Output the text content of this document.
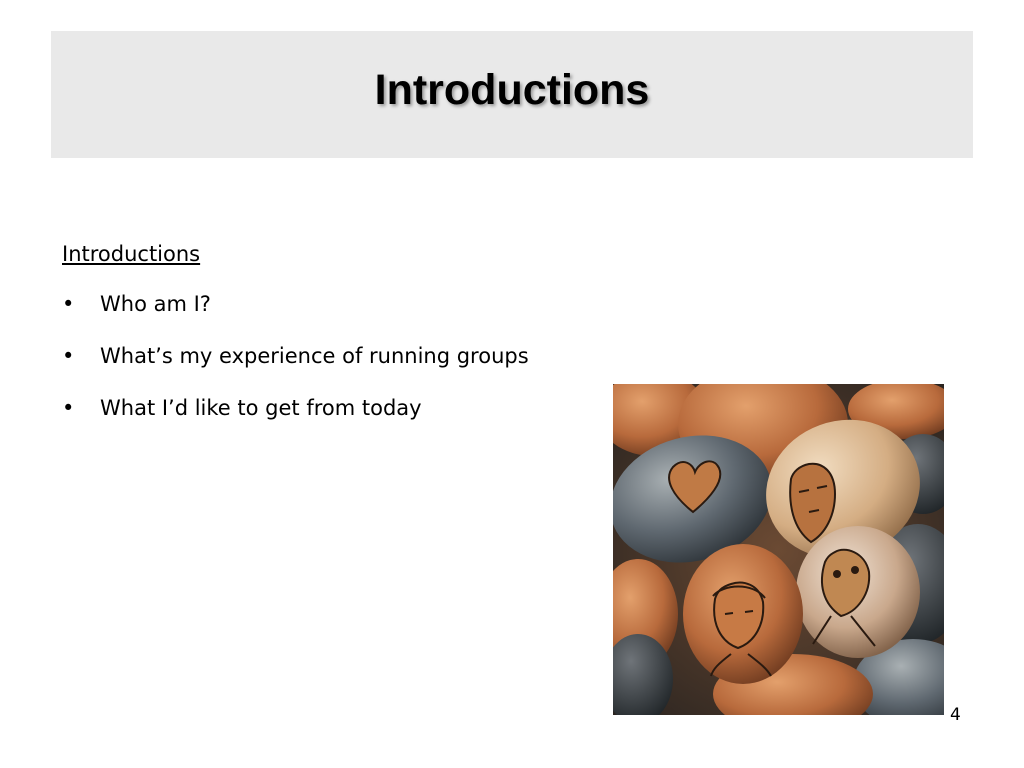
Introductions

Introductions

•	Who am I?
•	What’s my experience of running groups
•	What I’d like to get from today
4
